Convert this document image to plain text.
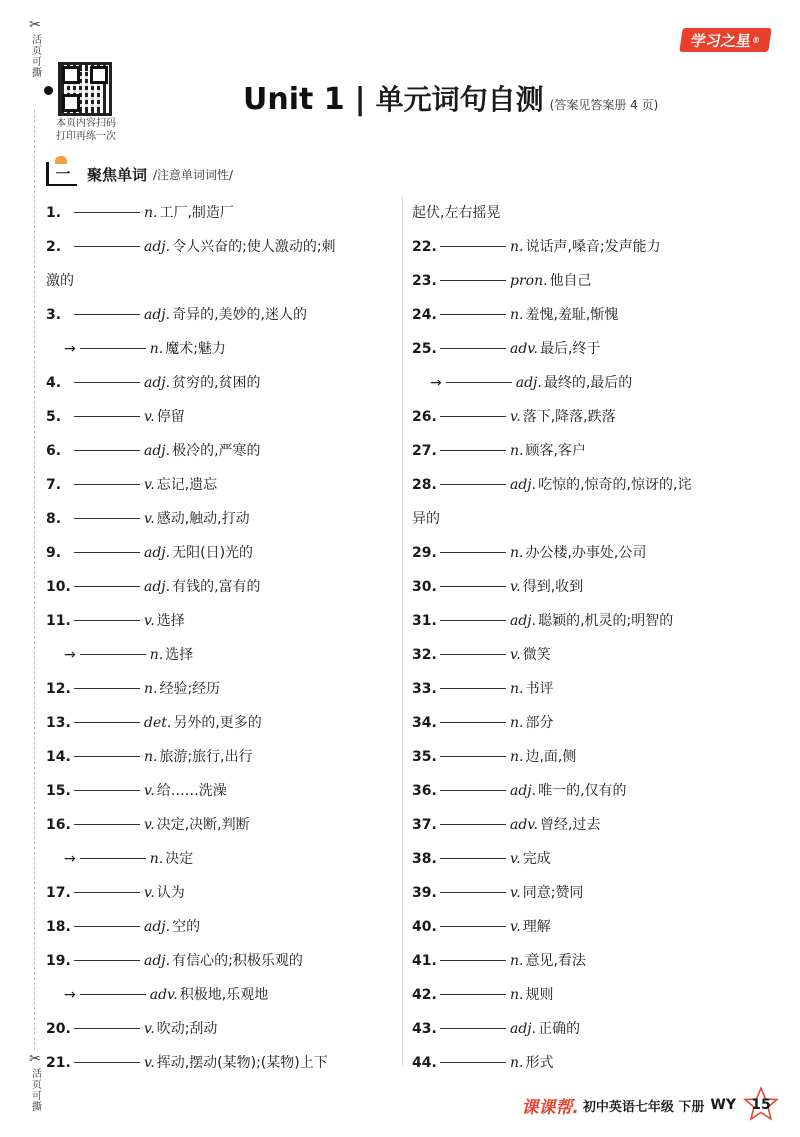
✂
活页可撕
✂
活页可撕
本页内容扫码
打印再练一次
学习之星 ®
Unit 1 | 单元词句自测 (答案见答案册 4 页)
一	聚焦单词 /注意单词词性/
1.	n. 工厂,制造厂
2.	adj. 令人兴奋的;使人激动的;刺
激的
3.	adj. 奇异的,美妙的,迷人的
→	n. 魔术;魅力
4.	adj. 贫穷的,贫困的
5.	v. 停留
6.	adj. 极冷的,严寒的
7.	v. 忘记,遗忘
8.	v. 感动,触动,打动
9.	adj. 无阳(日)光的
10.	adj. 有钱的,富有的
11.	v. 选择
→	n. 选择
12.	n. 经验;经历
13.	det. 另外的,更多的
14.	n. 旅游;旅行,出行
15.	v. 给……洗澡
16.	v. 决定,决断,判断
→	n. 决定
17.	v. 认为
18.	adj. 空的
19.	adj. 有信心的;积极乐观的
→	adv. 积极地,乐观地
20.	v. 吹动;刮动
21.	v. 挥动,摆动(某物);(某物)上下
起伏,左右摇晃
22.	n. 说话声,嗓音;发声能力
23.	pron. 他自己
24.	n. 羞愧,羞耻,惭愧
25.	adv. 最后,终于
→	adj. 最终的,最后的
26.	v. 落下,降落,跌落
27.	n. 顾客,客户
28.	adj. 吃惊的,惊奇的,惊讶的,诧
异的
29.	n. 办公楼,办事处,公司
30.	v. 得到,收到
31.	adj. 聪颖的,机灵的;明智的
32.	v. 微笑
33.	n. 书评
34.	n. 部分
35.	n. 边,面,侧
36.	adj. 唯一的,仅有的
37.	adv. 曾经,过去
38.	v. 完成
39.	v. 同意;赞同
40.	v. 理解
41.	n. 意见,看法
42.	n. 规则
43.	adj. 正确的
44.	n. 形式
课课帮. 初中英语七年级 下册 WY 15
